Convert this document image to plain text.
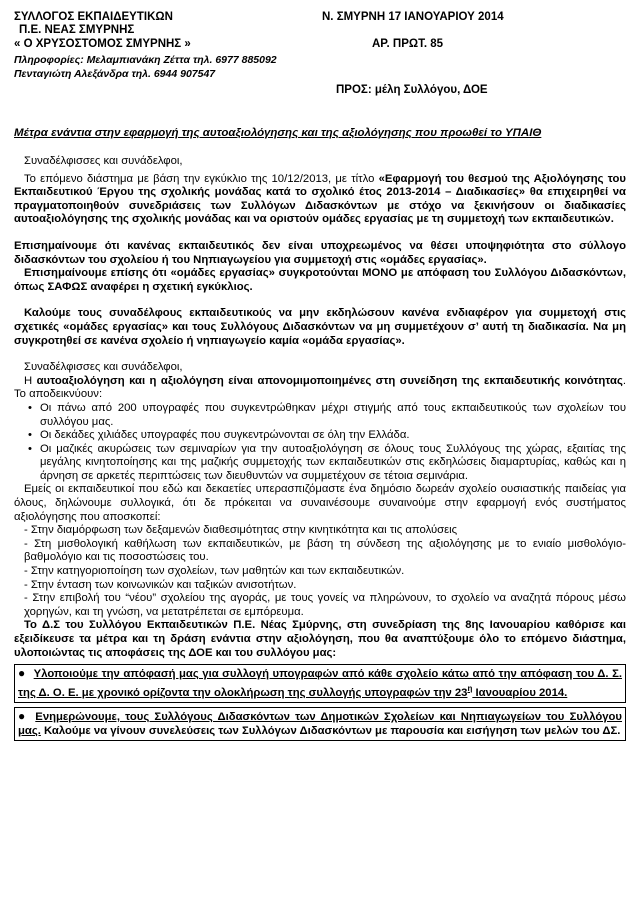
ΣΥΛΛΟΓΟΣ ΕΚΠΑΙΔΕΥΤΙΚΩΝ
Π.Ε. ΝΕΑΣ ΣΜΥΡΝΗΣ
« Ο ΧΡΥΣΟΣΤΟΜΟΣ ΣΜΥΡΝΗΣ »
Πληροφορίες: Μελαμπιανάκη Ζέττα τηλ. 6977 885092
Πενταγιώτη Αλεξάνδρα τηλ. 6944 907547
Ν. ΣΜΥΡΝΗ 17 ΙΑΝΟΥΑΡΙΟΥ 2014
ΑΡ. ΠΡΩΤ. 85
ΠΡΟΣ: μέλη Συλλόγου, ΔΟΕ
Μέτρα ενάντια στην εφαρμογή της αυτοαξιολόγησης και της αξιολόγησης που προωθεί το ΥΠΑΙΘ

Συναδέλφισσες και συνάδελφοι,

Το επόμενο διάστημα με βάση την εγκύκλιο της 10/12/2013, με τίτλο «Εφαρμογή του θεσμού της Αξιολόγησης του Εκπαιδευτικού Έργου της σχολικής μονάδας κατά το σχολικό έτος 2013-2014 – Διαδικασίες» θα επιχειρηθεί να πραγματοποιηθούν συνεδριάσεις των Συλλόγων Διδασκόντων με στόχο να ξεκινήσουν οι διαδικασίες αυτοαξιολόγησης της σχολικής μονάδας και να οριστούν ομάδες εργασίας με τη συμμετοχή των εκπαιδευτικών.

Επισημαίνουμε ότι κανένας εκπαιδευτικός δεν είναι υποχρεωμένος να θέσει υποψηφιότητα στο σύλλογο διδασκόντων του σχολείου ή του Νηπιαγωγείου για συμμετοχή στις «ομάδες εργασίας».

Επισημαίνουμε επίσης ότι «ομάδες εργασίας» συγκροτούνται ΜΟΝΟ με απόφαση του Συλλόγου Διδασκόντων, όπως ΣΑΦΩΣ αναφέρει η σχετική εγκύκλιος.

Καλούμε τους συναδέλφους εκπαιδευτικούς να μην εκδηλώσουν κανένα ενδιαφέρον για συμμετοχή στις σχετικές «ομάδες εργασίας» και τους Συλλόγους Διδασκόντων να μη συμμετέχουν σ’ αυτή τη διαδικασία. Να μη συγκροτηθεί σε κανένα σχολείο ή νηπιαγωγείο καμία «ομάδα εργασίας».

Συναδέλφισσες και συνάδελφοι,

Η αυτοαξιολόγηση και η αξιολόγηση είναι απονομιμοποιημένες στη συνείδηση της εκπαιδευτικής κοινότητας. Το αποδεικνύουν:

• Οι πάνω από 200 υπογραφές που συγκεντρώθηκαν μέχρι στιγμής από τους εκπαιδευτικούς των σχολείων του συλλόγου μας.
• Οι δεκάδες χιλιάδες υπογραφές που συγκεντρώνονται σε όλη την Ελλάδα.
• Οι μαζικές ακυρώσεις των σεμιναρίων για την αυτοαξιολόγηση σε όλους τους Συλλόγους της χώρας, εξαιτίας της μεγάλης κινητοποίησης και της μαζικής συμμετοχής των εκπαιδευτικών στις εκδηλώσεις διαμαρτυρίας, καθώς και η άρνηση σε αρκετές περιπτώσεις των διευθυντών να συμμετέχουν σε τέτοια σεμινάρια.

Εμείς οι εκπαιδευτικοί που εδώ και δεκαετίες υπερασπιζόμαστε ένα δημόσιο δωρεάν σχολείο ουσιαστικής παιδείας για όλους, δηλώνουμε συλλογικά, ότι δε πρόκειται να συναινέσουμε συναινούμε στην εφαρμογή ενός συστήματος αξιολόγησης που αποσκοπεί:

- Στην διαμόρφωση των δεξαμενών διαθεσιμότητας στην κινητικότητα και τις απολύσεις

- Στη μισθολογική καθήλωση των εκπαιδευτικών, με βάση τη σύνδεση της αξιολόγησης με το ενιαίο μισθολόγιο-βαθμολόγιο και τις ποσοστώσεις του.

- Στην κατηγοριοποίηση των σχολείων, των μαθητών και των εκπαιδευτικών.

- Στην ένταση των κοινωνικών και ταξικών ανισοτήτων.

- Στην επιβολή του “νέου” σχολείου της αγοράς, με τους γονείς να πληρώνουν, το σχολείο να αναζητά πόρους μέσω χορηγών, και τη γνώση, να μετατρέπεται σε εμπόρευμα.

Το Δ.Σ του Συλλόγου Εκπαιδευτικών Π.Ε. Νέας Σμύρνης, στη συνεδρίαση της 8ης Ιανουαρίου καθόρισε και εξειδίκευσε τα μέτρα και τη δράση ενάντια στην αξιολόγηση, που θα αναπτύξουμε όλο το επόμενο διάστημα, υλοποιώντας τις αποφάσεις της ΔΟΕ και του συλλόγου μας:

● Υλοποιούμε την απόφασή μας για συλλογή υπογραφών από κάθε σχολείο κάτω από την απόφαση του Δ. Σ. της Δ. Ο. Ε. με χρονικό ορίζοντα την ολοκλήρωση της συλλογής υπογραφών την $23^\eta$ Ιανουαρίου 2014.

● Ενημερώνουμε, τους Συλλόγους Διδασκόντων των Δημοτικών Σχολείων και Νηπιαγωγείων του Συλλόγου μας. Καλούμε να γίνουν συνελεύσεις των Συλλόγων Διδασκόντων με παρουσία και εισήγηση των μελών του ΔΣ.
